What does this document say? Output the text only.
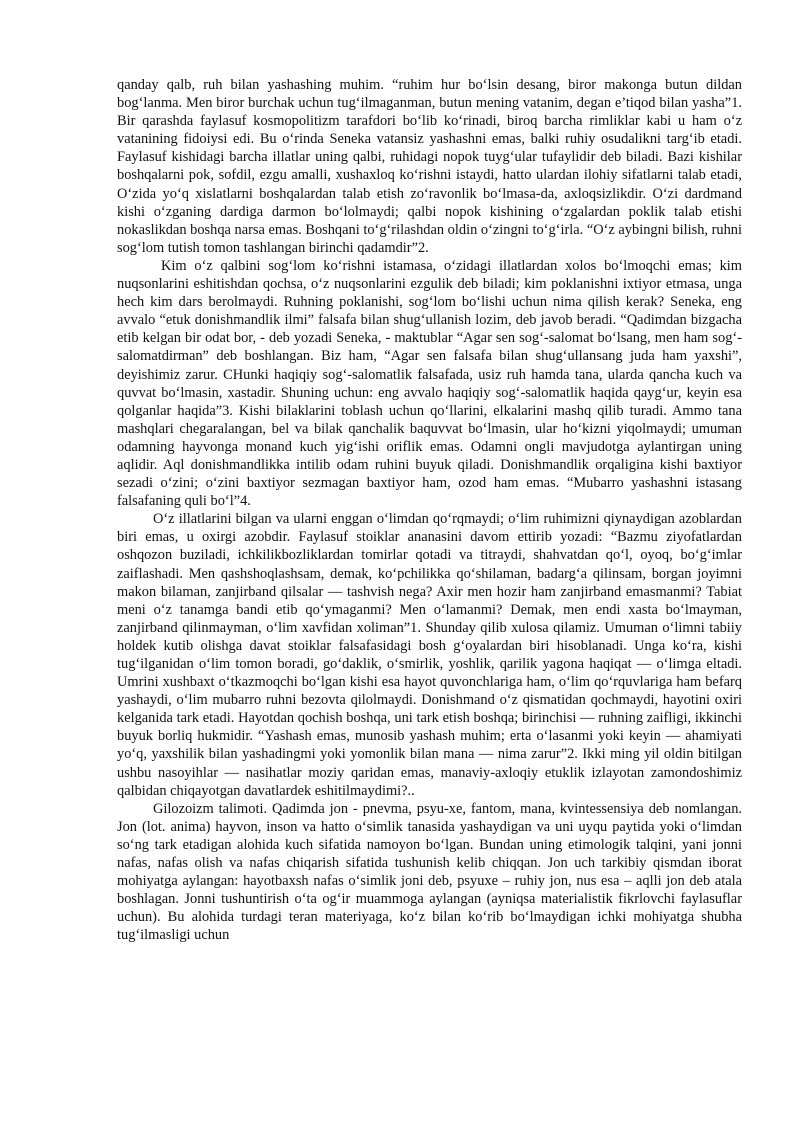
qanday qalb, ruh bilan yashashing muhim. “ruhim hur bo‘lsin desang, biror makonga butun dildan bog‘lanma. Men biror burchak uchun tug‘ilmaganman, butun mening vatanim, degan e’tiqod bilan yasha”1. Bir qarashda faylasuf kosmopolitizm tarafdori bo‘lib ko‘rinadi, biroq barcha rimliklar kabi u ham o‘z vatanining fidoiysi edi. Bu o‘rinda Seneka vatansiz yashashni emas, balki ruhiy osudalikni targ‘ib etadi. Faylasuf kishidagi barcha illatlar uning qalbi, ruhidagi nopok tuyg‘ular tufaylidir deb biladi. Bazi kishilar boshqalarni pok, sofdil, ezgu amalli, xushaxloq ko‘rishni istaydi, hatto ulardan ilohiy sifatlarni talab etadi, O‘zida yo‘q xislatlarni boshqalardan talab etish zo‘ravonlik bo‘lmasa-da, axloqsizlikdir. O‘zi dardmand kishi o‘zganing dardiga darmon bo‘lolmaydi; qalbi nopok kishining o‘zgalardan poklik talab etishi nokaslikdan boshqa narsa emas. Boshqani to‘g‘rilashdan oldin o‘zingni to‘g‘irla. “O‘z aybingni bilish, ruhni sog‘lom tutish tomon tashlangan birinchi qadamdir”2.

Kim o‘z qalbini sog‘lom ko‘rishni istamasa, o‘zidagi illatlardan xolos bo‘lmoqchi emas; kim nuqsonlarini eshitishdan qochsa, o‘z nuqsonlarini ezgulik deb biladi; kim poklanishni ixtiyor etmasa, unga hech kim dars berolmaydi. Ruhning poklanishi, sog‘lom bo‘lishi uchun nima qilish kerak? Seneka, eng avvalo “etuk donishmandlik ilmi” falsafa bilan shug‘ullanish lozim, deb javob beradi. “Qadimdan bizgacha etib kelgan bir odat bor, - deb yozadi Seneka, - maktublar “Agar sen sog‘-salomat bo‘lsang, men ham sog‘-salomatdirman” deb boshlangan. Biz ham, “Agar sen falsafa bilan shug‘ullansang juda ham yaxshi”, deyishimiz zarur. CHunki haqiqiy sog‘-salomatlik falsafada, usiz ruh hamda tana, ularda qancha kuch va quvvat bo‘lmasin, xastadir. Shuning uchun: eng avvalo haqiqiy sog‘-salomatlik haqida qayg‘ur, keyin esa qolganlar haqida”3. Kishi bilaklarini toblash uchun qo‘llarini, elkalarini mashq qilib turadi. Ammo tana mashqlari chegaralangan, bel va bilak qanchalik baquvvat bo‘lmasin, ular ho‘kizni yiqolmaydi; umuman odamning hayvonga monand kuch yig‘ishi oriflik emas. Odamni ongli mavjudotga aylantirgan uning aqlidir. Aql donishmandlikka intilib odam ruhini buyuk qiladi. Donishmandlik orqaligina kishi baxtiyor sezadi o‘zini; o‘zini baxtiyor sezmagan baxtiyor ham, ozod ham emas. “Mubarro yashashni istasang falsafaning quli bo‘l”4.

O‘z illatlarini bilgan va ularni enggan o‘limdan qo‘rqmaydi; o‘lim ruhimizni qiynaydigan azoblardan biri emas, u oxirgi azobdir. Faylasuf stoiklar ananasini davom ettirib yozadi: “Bazmu ziyofatlardan oshqozon buziladi, ichkilikbozliklardan tomirlar qotadi va titraydi, shahvatdan qo‘l, oyoq, bo‘g‘imlar zaiflashadi. Men qashshoqlashsam, demak, ko‘pchilikka qo‘shilaman, badarg‘a qilinsam, borgan joyimni makon bilaman, zanjirband qilsalar — tashvish nega? Axir men hozir ham zanjirband emasmanmi? Tabiat meni o‘z tanamga bandi etib qo‘ymaganmi? Men o‘lamanmi? Demak, men endi xasta bo‘lmayman, zanjirband qilinmayman, o‘lim xavfidan xoliman”1. Shunday qilib xulosa qilamiz. Umuman o‘limni tabiiy holdek kutib olishga davat stoiklar falsafasidagi bosh g‘oyalardan biri hisoblanadi. Unga ko‘ra, kishi tug‘ilganidan o‘lim tomon boradi, go‘daklik, o‘smirlik, yoshlik, qarilik yagona haqiqat — o‘limga eltadi. Umrini xushbaxt o‘tkazmoqchi bo‘lgan kishi esa hayot quvonchlariga ham, o‘lim qo‘rquvlariga ham befarq yashaydi, o‘lim mubarro ruhni bezovta qilolmaydi. Donishmand o‘z qismatidan qochmaydi, hayotini oxiri kelganida tark etadi. Hayotdan qochish boshqa, uni tark etish boshqa; birinchisi — ruhning zaifligi, ikkinchi buyuk borliq hukmidir. “Yashash emas, munosib yashash muhim; erta o‘lasanmi yoki keyin — ahamiyati yo‘q, yaxshilik bilan yashadingmi yoki yomonlik bilan mana — nima zarur”2. Ikki ming yil oldin bitilgan ushbu nasoyihlar — nasihatlar moziy qaridan emas, manaviy-axloqiy etuklik izlayotan zamondoshimiz qalbidan chiqayotgan davatlardek eshitilmaydimi?..

Gilozoizm talimoti. Qadimda jon - pnevma, psyu-xe, fantom, mana, kvintessensiya deb nomlangan. Jon (lot. anima) hayvon, inson va hatto o‘simlik tanasida yashaydigan va uni uyqu paytida yoki o‘limdan so‘ng tark etadigan alohida kuch sifatida namoyon bo‘lgan. Bundan uning etimologik talqini, yani jonni nafas, nafas olish va nafas chiqarish sifatida tushunish kelib chiqqan. Jon uch tarkibiy qismdan iborat mohiyatga aylangan: hayotbaxsh nafas o‘simlik joni deb, psyuxe – ruhiy jon, nus esa – aqlli jon deb atala boshlagan. Jonni tushuntirish o‘ta og‘ir muammoga aylangan (ayniqsa materialistik fikrlovchi faylasuflar uchun). Bu alohida turdagi teran materiyaga, ko‘z bilan ko‘rib bo‘lmaydigan ichki mohiyatga shubha tug‘ilmasligi uchun
